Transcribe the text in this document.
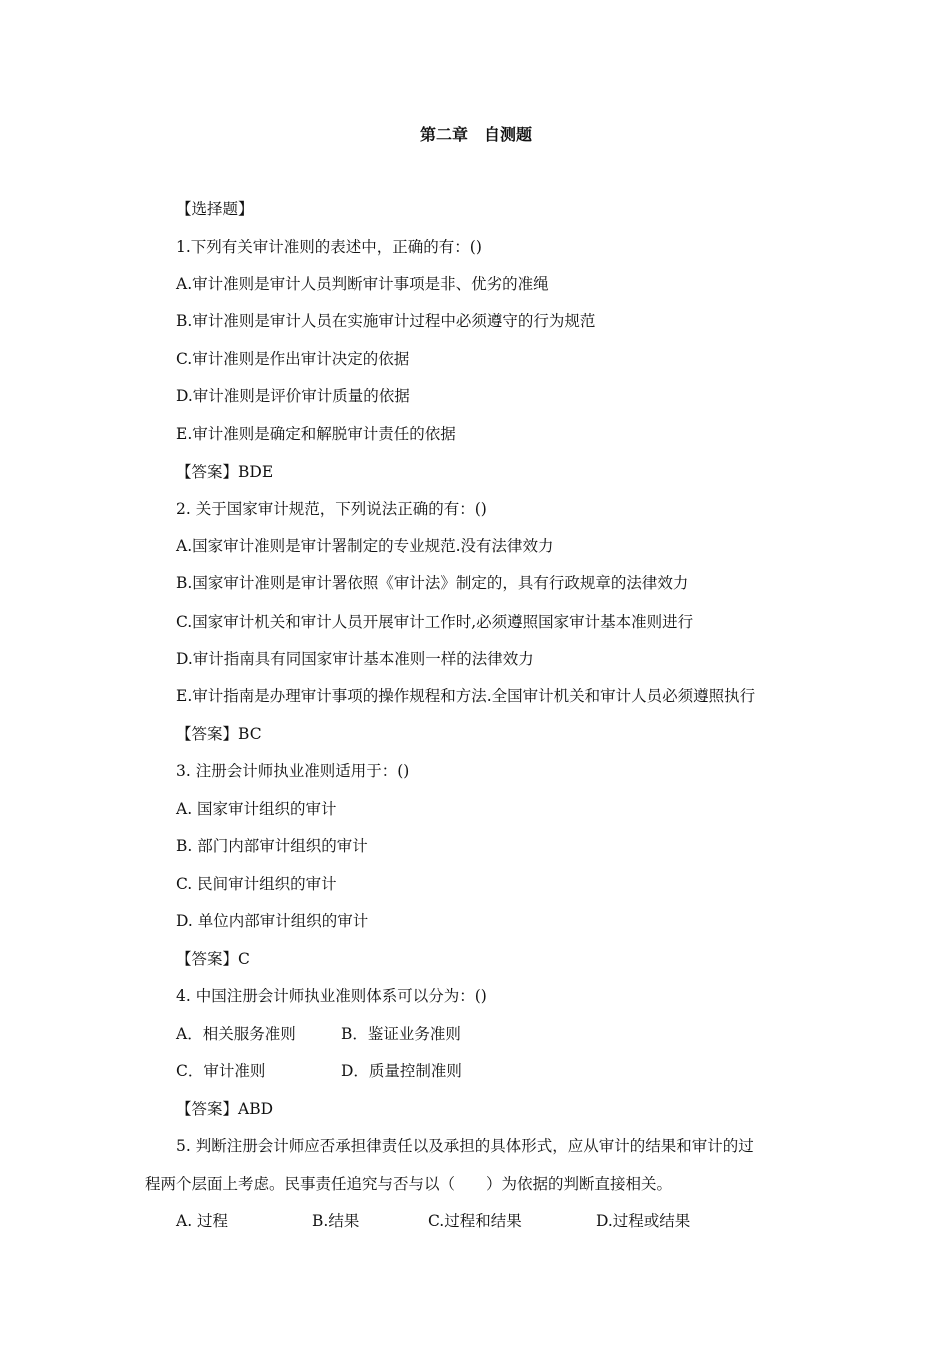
第二章　自测题

【选择题】

1.下列有关审计准则的表述中，正确的有：()

A.审计准则是审计人员判断审计事项是非、优劣的准绳

B.审计准则是审计人员在实施审计过程中必须遵守的行为规范

C.审计准则是作出审计决定的依据

D.审计准则是评价审计质量的依据

E.审计准则是确定和解脱审计责任的依据

【答案】BDE

2. 关于国家审计规范，下列说法正确的有：()

A.国家审计准则是审计署制定的专业规范.没有法律效力

B.国家审计准则是审计署依照《审计法》制定的，具有行政规章的法律效力

C.国家审计机关和审计人员开展审计工作时,必须遵照国家审计基本准则进行

D.审计指南具有同国家审计基本准则一样的法律效力

E.审计指南是办理审计事项的操作规程和方法.全国审计机关和审计人员必须遵照执行

【答案】BC

3. 注册会计师执业准则适用于：()

A. 国家审计组织的审计

B. 部门内部审计组织的审计

C. 民间审计组织的审计

D. 单位内部审计组织的审计

【答案】C

4. 中国注册会计师执业准则体系可以分为：()

A．相关服务准则	B．鉴证业务准则
C．审计准则	D．质量控制准则

【答案】ABD

5. 判断注册会计师应否承担律责任以及承担的具体形式，应从审计的结果和审计的过

程两个层面上考虑。民事责任追究与否与以（　　）为依据的判断直接相关。

A. 过程	B.结果	C.过程和结果	D.过程或结果
